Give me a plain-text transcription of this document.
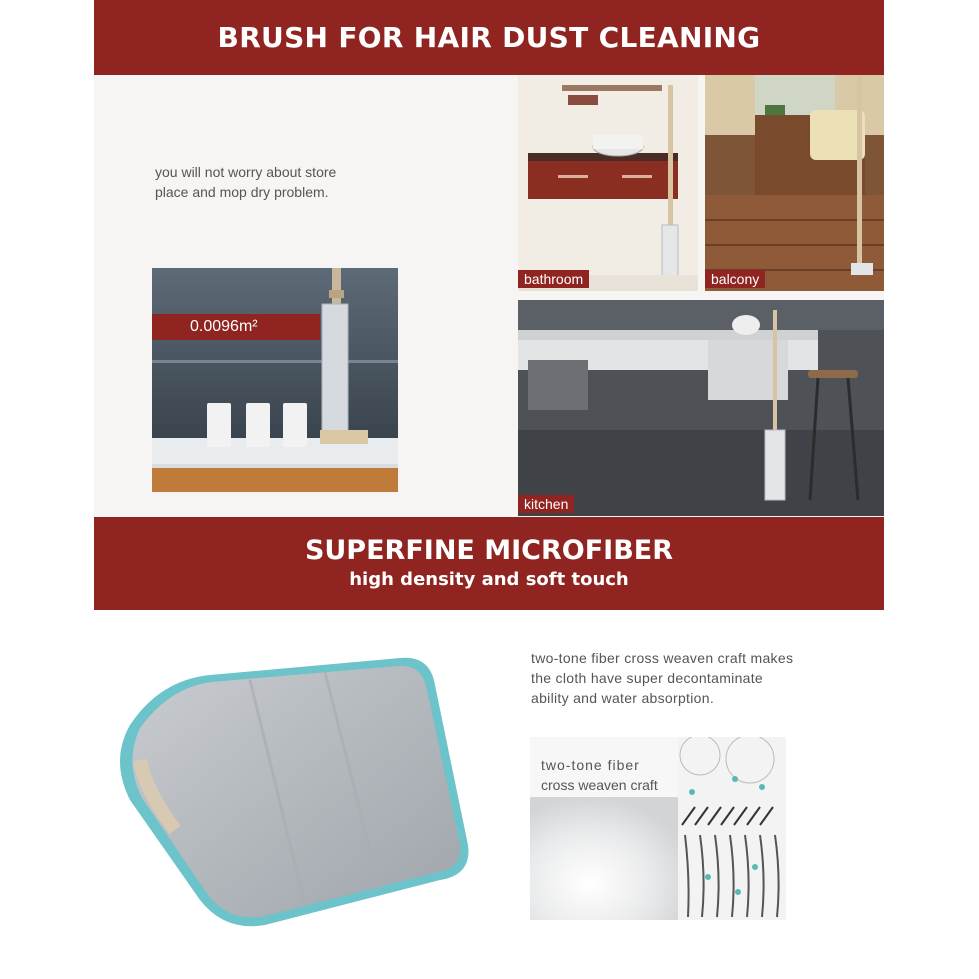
BRUSH FOR HAIR DUST CLEANING
you will not worry about store
place and mop dry problem.
0.0096m²
bathroom	balcony
kitchen
SUPERFINE MICROFIBER
high density and soft touch
two-tone fiber cross weaven craft makes
the cloth have super decontaminate
ability and water absorption.
two-tone fiber
cross weaven craft
